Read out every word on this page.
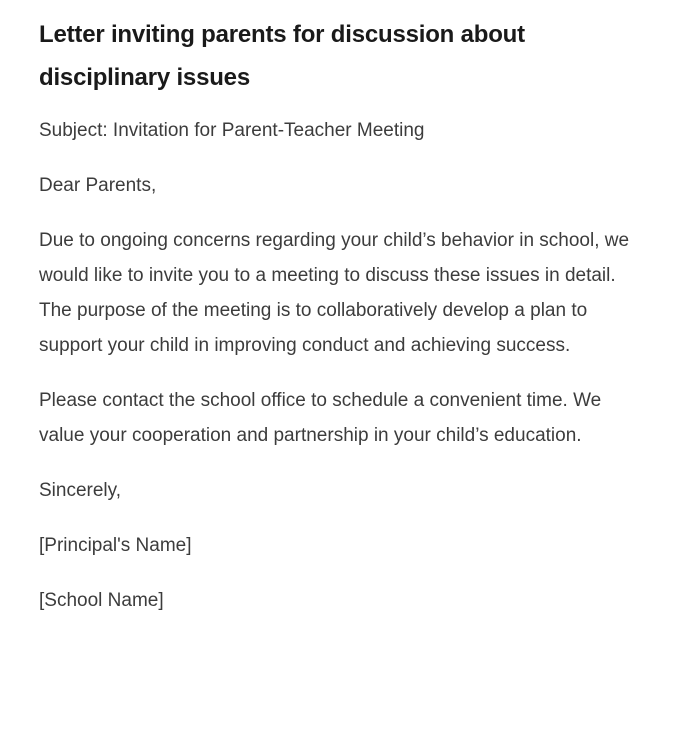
Letter inviting parents for discussion about disciplinary issues

Subject: Invitation for Parent-Teacher Meeting

Dear Parents,

Due to ongoing concerns regarding your child’s behavior in school, we would like to invite you to a meeting to discuss these issues in detail. The purpose of the meeting is to collaboratively develop a plan to support your child in improving conduct and achieving success.

Please contact the school office to schedule a convenient time. We value your cooperation and partnership in your child’s education.

Sincerely,

[Principal's Name]

[School Name]
